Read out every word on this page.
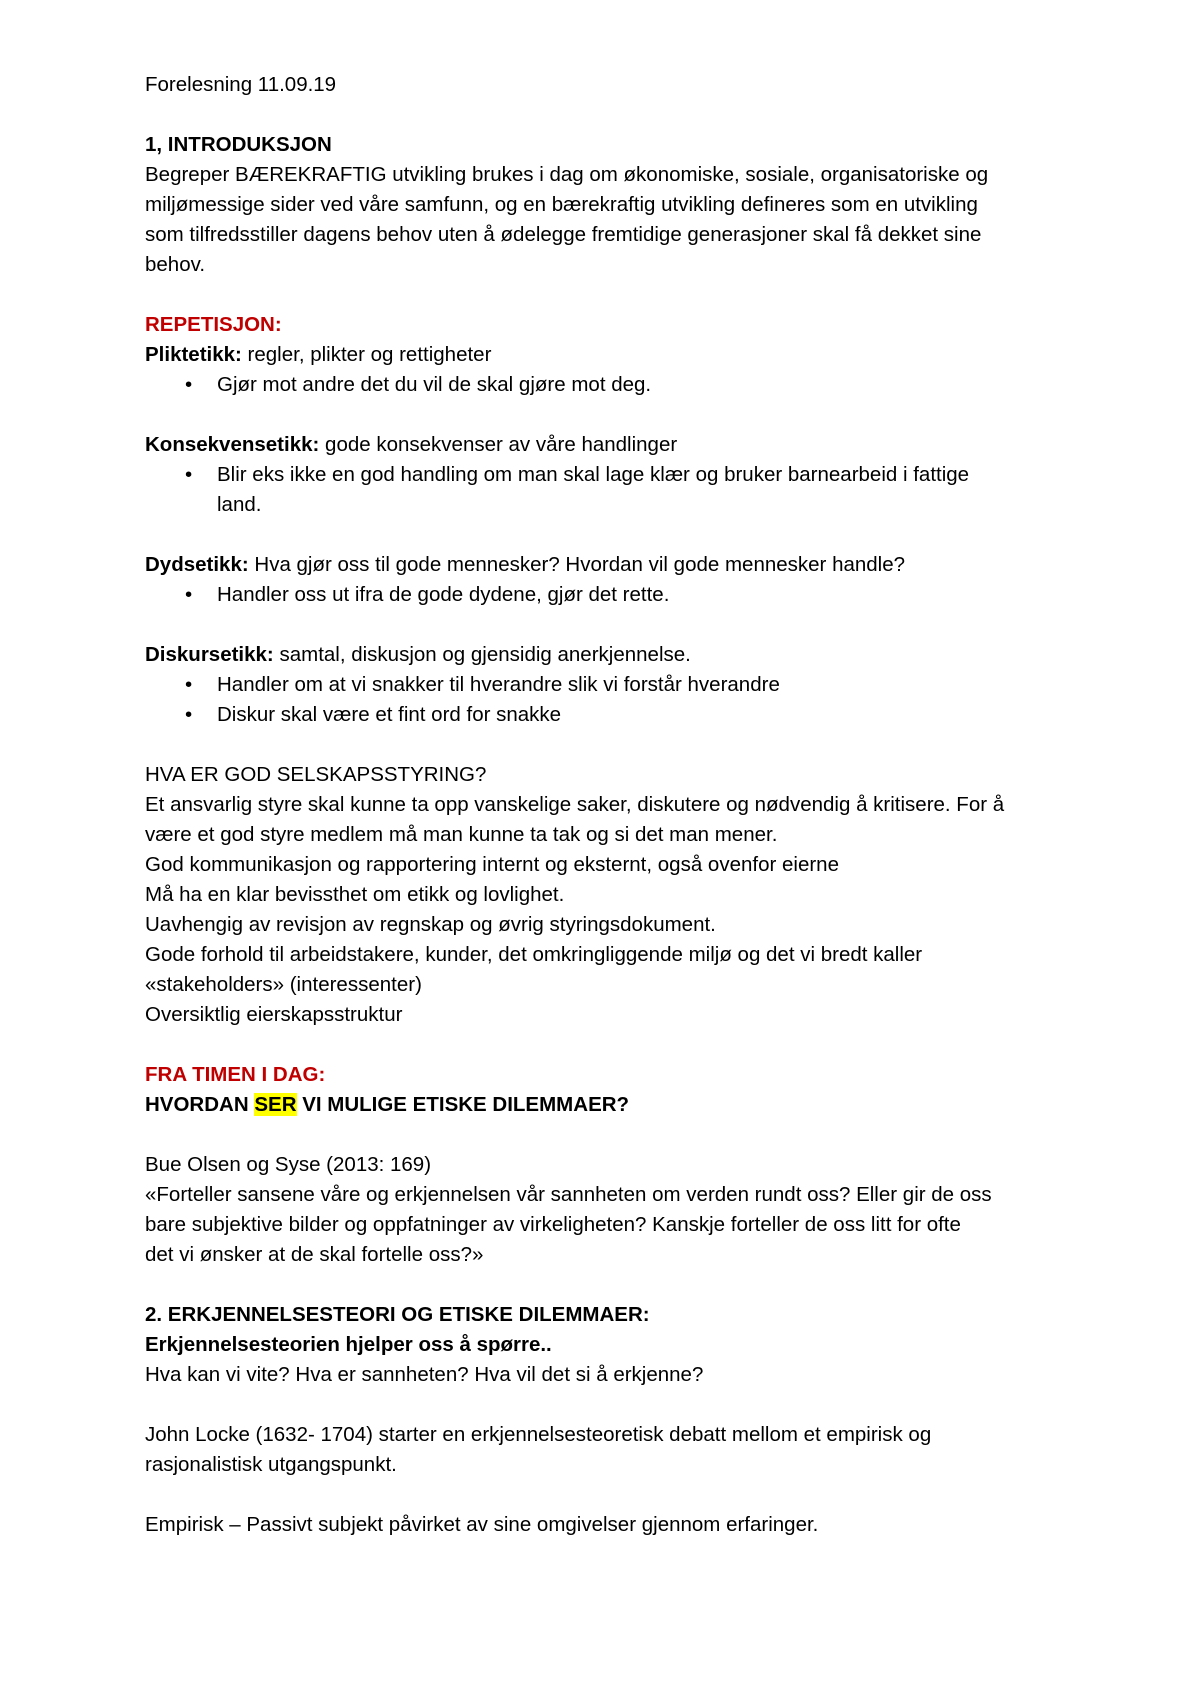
Forelesning 11.09.19

1, INTRODUKSJON

Begreper BÆREKRAFTIG utvikling brukes i dag om økonomiske, sosiale, organisatoriske og

miljømessige sider ved våre samfunn, og en bærekraftig utvikling defineres som en utvikling

som tilfredsstiller dagens behov uten å ødelegge fremtidige generasjoner skal få dekket sine

behov.

REPETISJON:

Pliktetikk: regler, plikter og rettigheter

• Gjør mot andre det du vil de skal gjøre mot deg.

Konsekvensetikk: gode konsekvenser av våre handlinger

• Blir eks ikke en god handling om man skal lage klær og bruker barnearbeid i fattige

land.

Dydsetikk: Hva gjør oss til gode mennesker? Hvordan vil gode mennesker handle?

• Handler oss ut ifra de gode dydene, gjør det rette.

Diskursetikk: samtal, diskusjon og gjensidig anerkjennelse.

• Handler om at vi snakker til hverandre slik vi forstår hverandre

• Diskur skal være et fint ord for snakke

HVA ER GOD SELSKAPSSTYRING?

Et ansvarlig styre skal kunne ta opp vanskelige saker, diskutere og nødvendig å kritisere. For å

være et god styre medlem må man kunne ta tak og si det man mener.

God kommunikasjon og rapportering internt og eksternt, også ovenfor eierne

Må ha en klar bevissthet om etikk og lovlighet.

Uavhengig av revisjon av regnskap og øvrig styringsdokument.

Gode forhold til arbeidstakere, kunder, det omkringliggende miljø og det vi bredt kaller

«stakeholders» (interessenter)

Oversiktlig eierskapsstruktur

FRA TIMEN I DAG:

HVORDAN SER VI MULIGE ETISKE DILEMMAER?

Bue Olsen og Syse (2013: 169)

«Forteller sansene våre og erkjennelsen vår sannheten om verden rundt oss? Eller gir de oss

bare subjektive bilder og oppfatninger av virkeligheten? Kanskje forteller de oss litt for ofte

det vi ønsker at de skal fortelle oss?»

2. ERKJENNELSESTEORI OG ETISKE DILEMMAER:

Erkjennelsesteorien hjelper oss å spørre..

Hva kan vi vite? Hva er sannheten? Hva vil det si å erkjenne?

John Locke (1632- 1704) starter en erkjennelsesteoretisk debatt mellom et empirisk og

rasjonalistisk utgangspunkt.

Empirisk – Passivt subjekt påvirket av sine omgivelser gjennom erfaringer.
